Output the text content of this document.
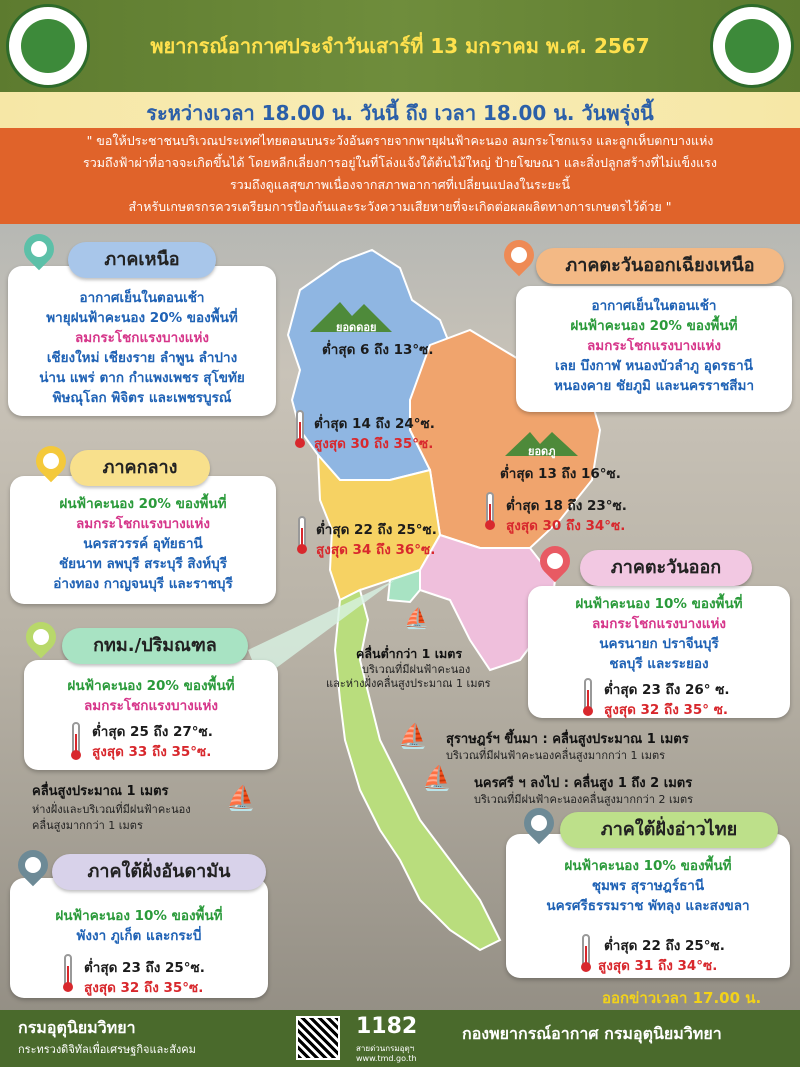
พยากรณ์อากาศประจำวันเสาร์ที่ 13 มกราคม พ.ศ. 2567
ระหว่างเวลา 18.00 น. วันนี้ ถึง เวลา 18.00 น. วันพรุ่งนี้
" ขอให้ประชาชนบริเวณประเทศไทยตอนบนระวังอันตรายจากพายุฝนฟ้าคะนอง ลมกระโชกแรง และลูกเห็บตกบางแห่ง
รวมถึงฟ้าผ่าที่อาจจะเกิดขึ้นได้ โดยหลีกเลี่ยงการอยู่ในที่โล่งแจ้งใต้ต้นไม้ใหญ่ ป้ายโฆษณา และสิ่งปลูกสร้างที่ไม่แข็งแรง
รวมถึงดูแลสุขภาพเนื่องจากสภาพอากาศที่เปลี่ยนแปลงในระยะนี้
สำหรับเกษตรกรควรเตรียมการป้องกันและระวังความเสียหายที่จะเกิดต่อผลผลิตทางการเกษตรไว้ด้วย "
ภาคเหนือ
อากาศเย็นในตอนเช้า
พายุฝนฟ้าคะนอง 20% ของพื้นที่
ลมกระโชกแรงบางแห่ง
เชียงใหม่ เชียงราย ลำพูน ลำปาง
น่าน แพร่ ตาก กำแพงเพชร สุโขทัย
พิษณุโลก พิจิตร และเพชรบูรณ์
ยอดดอย
ต่ำสุด 6 ถึง 13°ซ.
ต่ำสุด 14 ถึง 24°ซ.
สูงสุด 30 ถึง 35°ซ.
ภาคตะวันออกเฉียงเหนือ
อากาศเย็นในตอนเช้า
ฝนฟ้าคะนอง 20% ของพื้นที่
ลมกระโชกแรงบางแห่ง
เลย บึงกาฬ หนองบัวลำภู อุดรธานี
หนองคาย ชัยภูมิ และนครราชสีมา
ยอดภู
ต่ำสุด 13 ถึง 16°ซ.
ต่ำสุด 18 ถึง 23°ซ.
สูงสุด 30 ถึง 34°ซ.
ภาคกลาง
ฝนฟ้าคะนอง 20% ของพื้นที่
ลมกระโชกแรงบางแห่ง
นครสวรรค์ อุทัยธานี
ชัยนาท ลพบุรี สระบุรี สิงห์บุรี
อ่างทอง กาญจนบุรี และราชบุรี
ต่ำสุด 22 ถึง 25°ซ.
สูงสุด 34 ถึง 36°ซ.
ภาคตะวันออก
ฝนฟ้าคะนอง 10% ของพื้นที่
ลมกระโชกแรงบางแห่ง
นครนายก ปราจีนบุรี
ชลบุรี และระยอง
ต่ำสุด 23 ถึง 26° ซ.
สูงสุด 32 ถึง 35° ซ.
กทม./ปริมณฑล
ฝนฟ้าคะนอง 20% ของพื้นที่
ลมกระโชกแรงบางแห่ง
ต่ำสุด 25 ถึง 27°ซ.
สูงสุด 33 ถึง 35°ซ.
⛵
คลื่นต่ำกว่า 1 เมตร
บริเวณที่มีฝนฟ้าคะนอง
และห่างฝั่งคลื่นสูงประมาณ 1 เมตร
⛵ สุราษฎร์ฯ ขึ้นมา : คลื่นสูงประมาณ 1 เมตร
บริเวณที่มีฝนฟ้าคะนองคลื่นสูงมากกว่า 1 เมตร
⛵ นครศรี ฯ ลงไป : คลื่นสูง 1 ถึง 2 เมตร
บริเวณที่มีฝนฟ้าคะนองคลื่นสูงมากกว่า 2 เมตร
คลื่นสูงประมาณ 1 เมตร
ห่างฝั่งและบริเวณที่มีฝนฟ้าคะนอง
คลื่นสูงมากกว่า 1 เมตร
⛵
ภาคใต้ฝั่งอ่าวไทย
ฝนฟ้าคะนอง 10% ของพื้นที่
ชุมพร สุราษฎร์ธานี
นครศรีธรรมราช พัทลุง และสงขลา
ต่ำสุด 22 ถึง 25°ซ.
สูงสุด 31 ถึง 34°ซ.
ออกข่าวเวลา 17.00 น.
ภาคใต้ฝั่งอันดามัน
ฝนฟ้าคะนอง 10% ของพื้นที่
พังงา ภูเก็ต และกระบี่
ต่ำสุด 23 ถึง 25°ซ.
สูงสุด 32 ถึง 35°ซ.
กรมอุตุนิยมวิทยา
กระทรวงดิจิทัลเพื่อเศรษฐกิจและสังคม
1182
สายด่วนกรมอุตุฯ
www.tmd.go.th
กองพยากรณ์อากาศ กรมอุตุนิยมวิทยา
